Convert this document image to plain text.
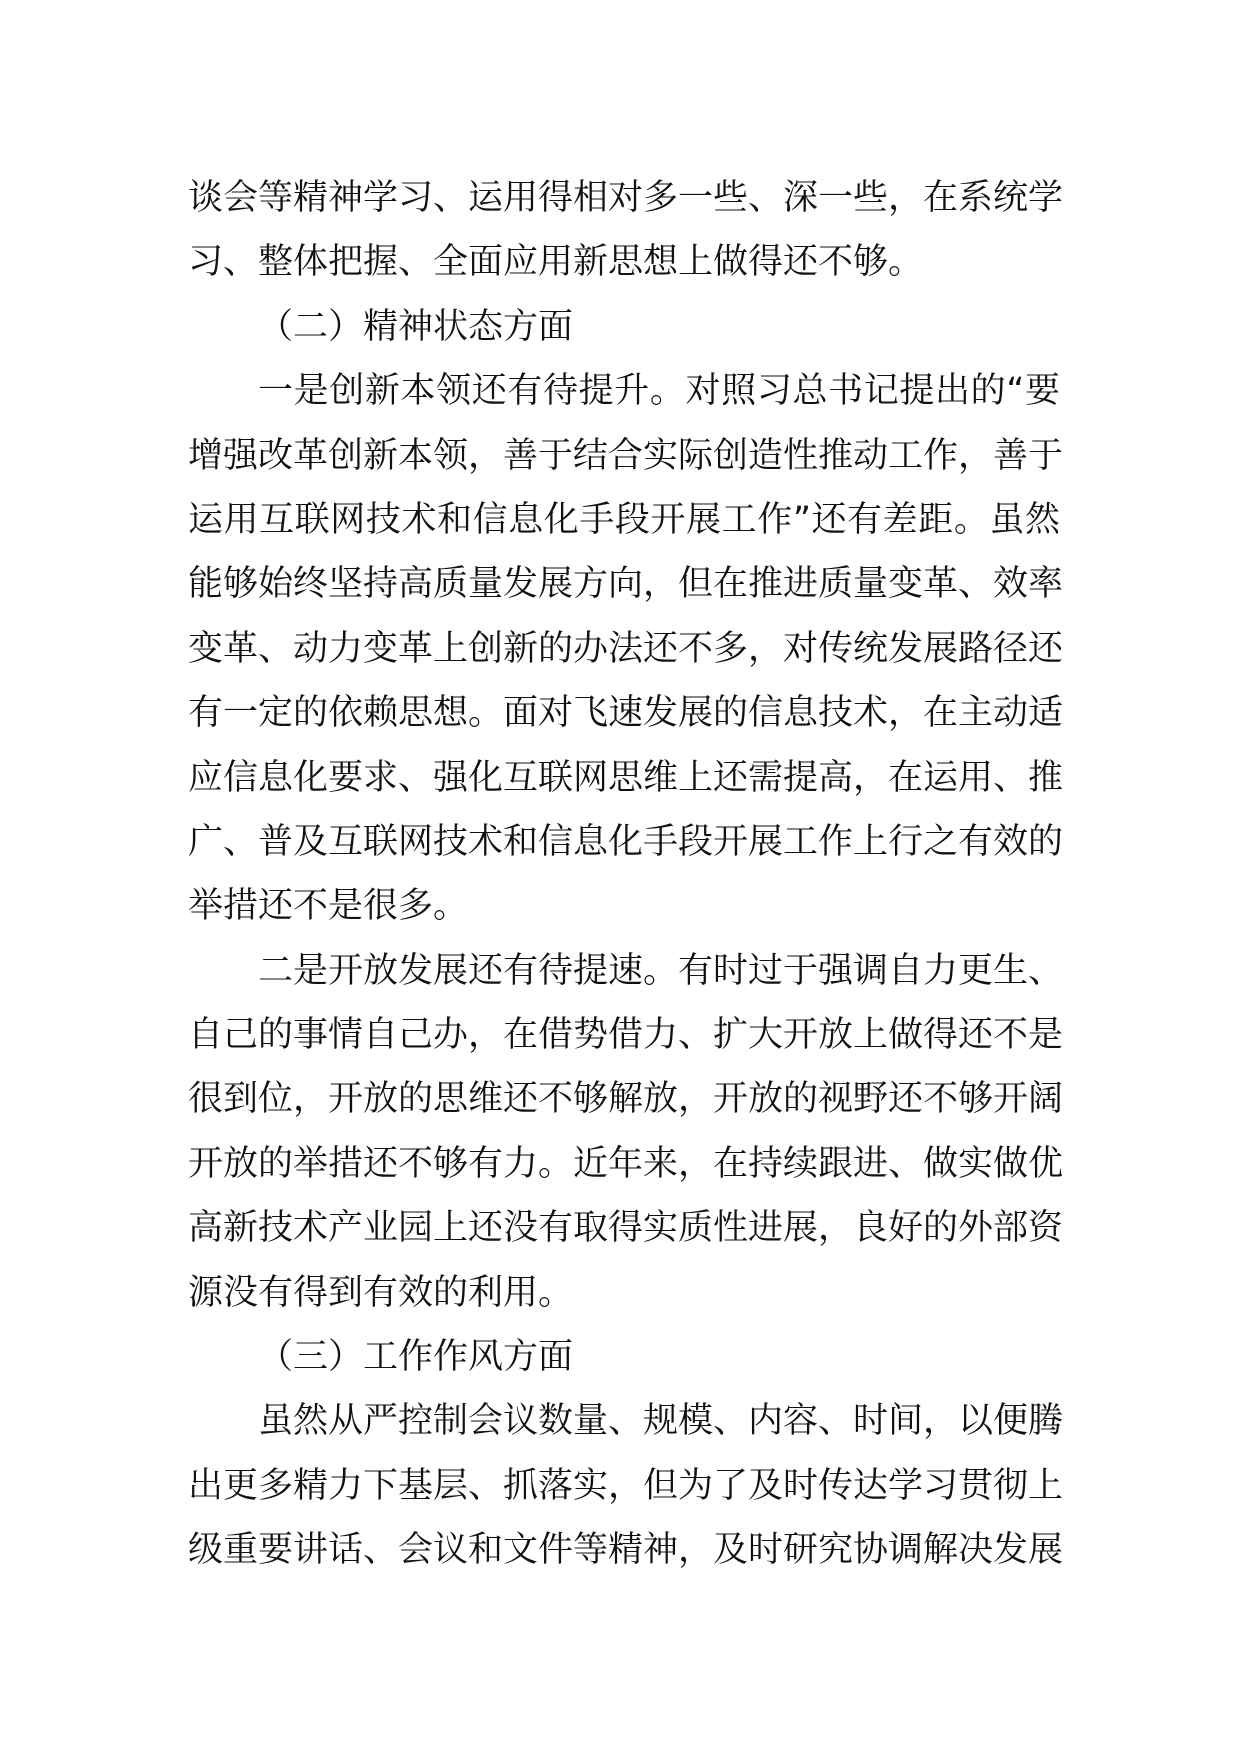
谈会等精神学习、运用得相对多一些、深一些，在系统学
习、整体把握、全面应用新思想上做得还不够。
（二）精神状态方面
一是创新本领还有待提升。对照习总书记提出的“要
增强改革创新本领，善于结合实际创造性推动工作，善于
运用互联网技术和信息化手段开展工作”还有差距。虽然
能够始终坚持高质量发展方向，但在推进质量变革、效率
变革、动力变革上创新的办法还不多，对传统发展路径还
有一定的依赖思想。面对飞速发展的信息技术，在主动适
应信息化要求、强化互联网思维上还需提高，在运用、推
广、普及互联网技术和信息化手段开展工作上行之有效的
举措还不是很多。
二是开放发展还有待提速。有时过于强调自力更生、
自己的事情自己办，在借势借力、扩大开放上做得还不是
很到位，开放的思维还不够解放，开放的视野还不够开阔
开放的举措还不够有力。近年来，在持续跟进、做实做优
高新技术产业园上还没有取得实质性进展，良好的外部资
源没有得到有效的利用。
（三）工作作风方面
虽然从严控制会议数量、规模、内容、时间，以便腾
出更多精力下基层、抓落实，但为了及时传达学习贯彻上
级重要讲话、会议和文件等精神，及时研究协调解决发展
